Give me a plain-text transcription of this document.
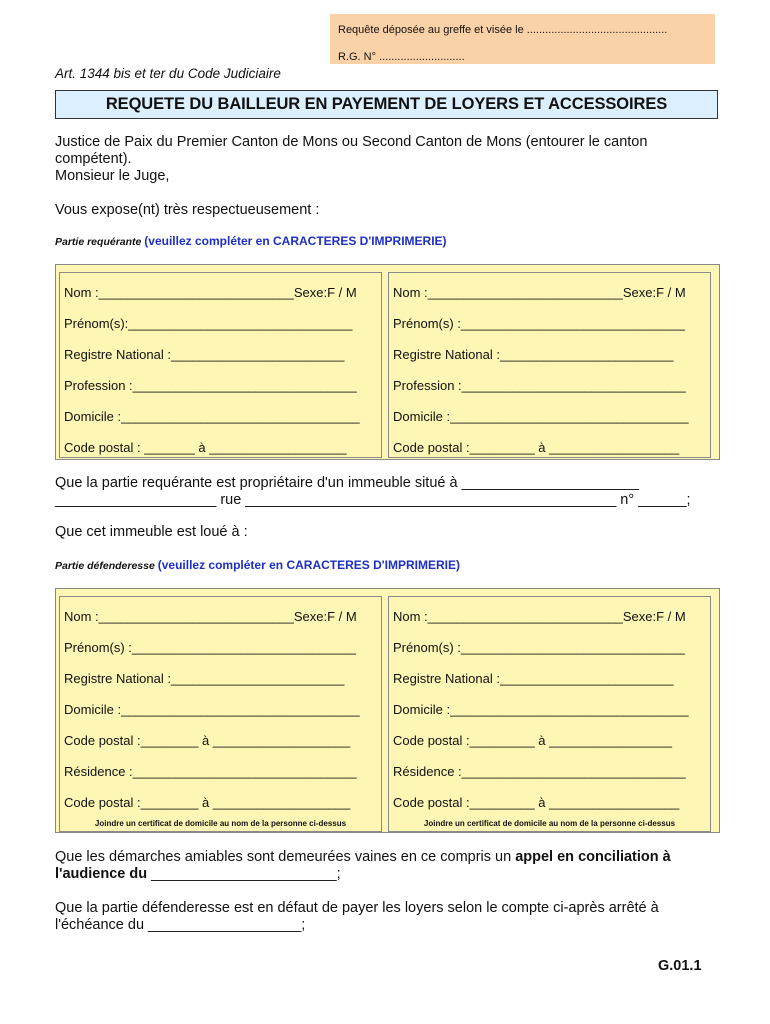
Requête déposée au greffe et visée le ..............................................
R.G. N° ............................
Art. 1344 bis et ter du Code Judiciaire
REQUETE DU BAILLEUR EN PAYEMENT DE LOYERS ET ACCESSOIRES
Justice de Paix du Premier Canton de Mons ou Second Canton de Mons (entourer le canton compétent).
Monsieur le Juge,
Vous expose(nt) très respectueusement :
Partie requérante (veuillez compléter en CARACTERES D'IMPRIMERIE)
Nom :___________________________Sexe:F / M
Prénom(s):_______________________________
Registre National :________________________
Profession :_______________________________
Domicile :_________________________________
Code postal : _______ à ___________________
Nom :___________________________Sexe:F / M
Prénom(s) :_______________________________
Registre National :________________________
Profession :_______________________________
Domicile :_________________________________
Code postal :_________ à __________________
Que la partie requérante est propriétaire d'un immeuble situé à ______________________
____________________ rue ______________________________________________ n° ______;
Que cet immeuble est loué à :
Partie défenderesse (veuillez compléter en CARACTERES D'IMPRIMERIE)
Nom :___________________________Sexe:F / M
Prénom(s) :_______________________________
Registre National :________________________
Domicile :_________________________________
Code postal :________ à ___________________
Résidence :_______________________________
Code postal :________ à ___________________
Joindre un certificat de domicile au nom de la personne ci-dessus
Nom :___________________________Sexe:F / M
Prénom(s) :_______________________________
Registre National :________________________
Domicile :_________________________________
Code postal :_________ à _________________
Résidence :_______________________________
Code postal :_________ à __________________
Joindre un certificat de domicile au nom de la personne ci-dessus
Que les démarches amiables sont demeurées vaines en ce compris un appel en conciliation à l'audience du _______________________;
Que la partie défenderesse est en défaut de payer les loyers selon le compte ci-après arrêté à l'échéance du ___________________;
G.01.1
